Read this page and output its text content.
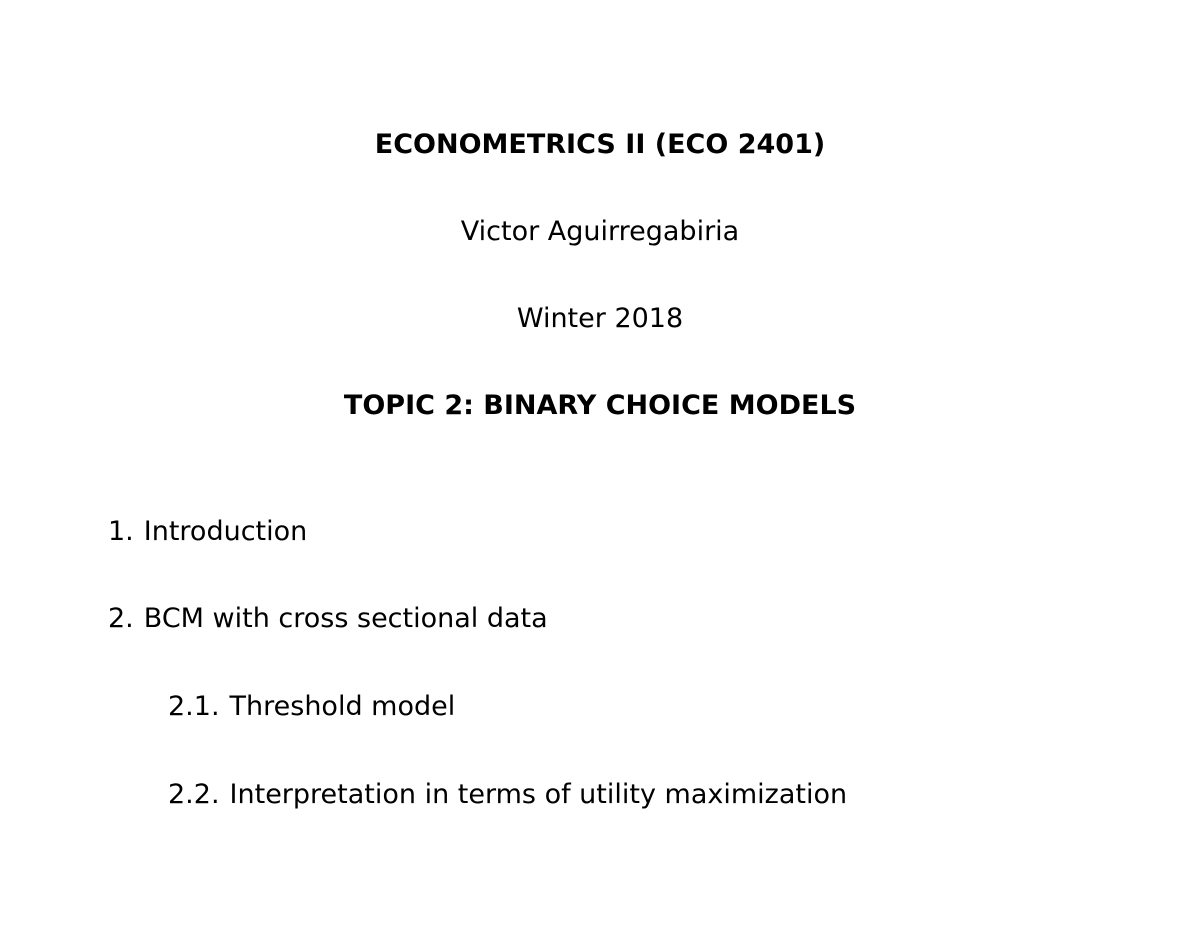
ECONOMETRICS II (ECO 2401)
Victor Aguirregabiria
Winter 2018
TOPIC 2: BINARY CHOICE MODELS
1. Introduction
2. BCM with cross sectional data
2.1. Threshold model
2.2. Interpretation in terms of utility maximization
